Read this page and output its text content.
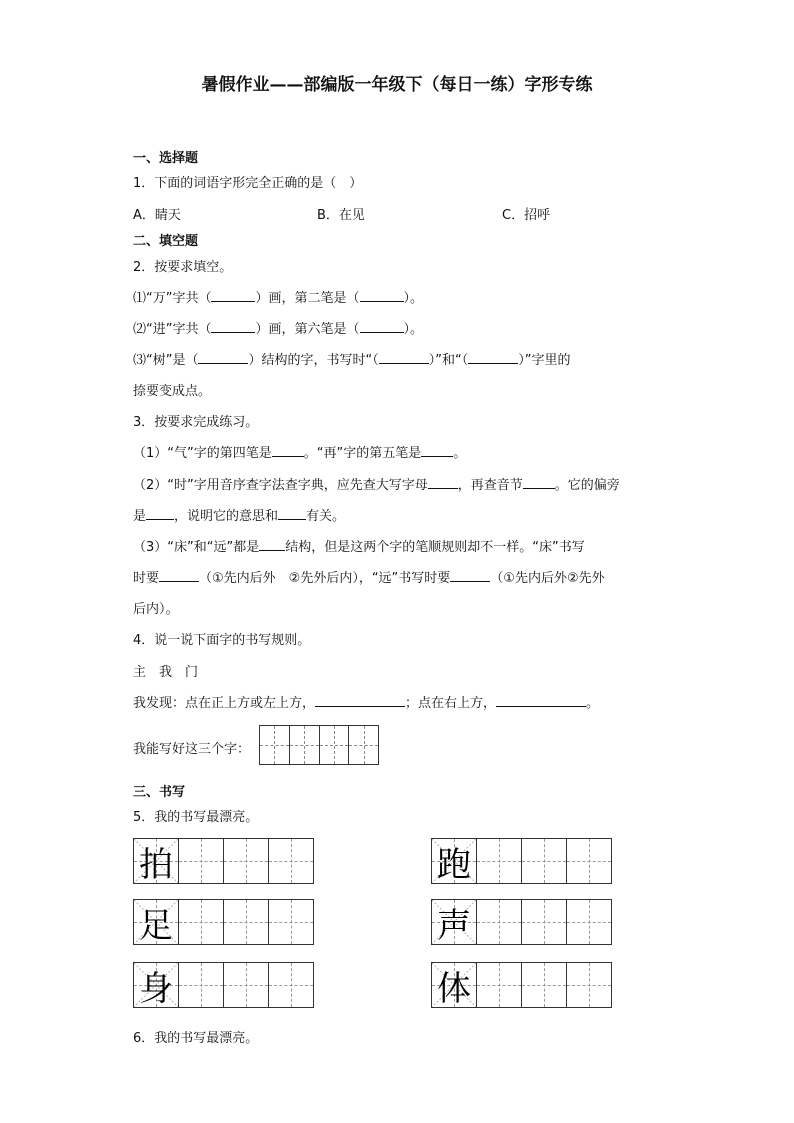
暑假作业——部编版一年级下（每日一练）字形专练
一、选择题
1．下面的词语字形完全正确的是（　）
A．睛天	B．在见	C．招呼
二、填空题
2．按要求填空。
⑴“万”字共（	）画，第二笔是（	）。
⑵“进”字共（	）画，第六笔是（	）。
⑶“树”是（	）结构的字，书写时“（	）”和“（	）”字里的
捺要变成点。
3．按要求完成练习。
（1）“气”字的第四笔是 。“再”字的第五笔是 。
（2）“时”字用音序查字法查字典，应先查大写字母 ，再查音节 。它的偏旁
是 ，说明它的意思和 有关。
（3）“床”和“远”都是 结构，但是这两个字的笔顺规则却不一样。“床”书写
时要	（①先内后外　②先外后内），“远”书写时要	（①先内后外②先外
后内）。
4．说一说下面字的书写规则。
主　我　门
我发现：点在正上方或左上方，	；点在右上方，	。
我能写好这三个字：
三、书写
5．我的书写最漂亮。
拍	跑
足	声
身	体
6．我的书写最漂亮。
